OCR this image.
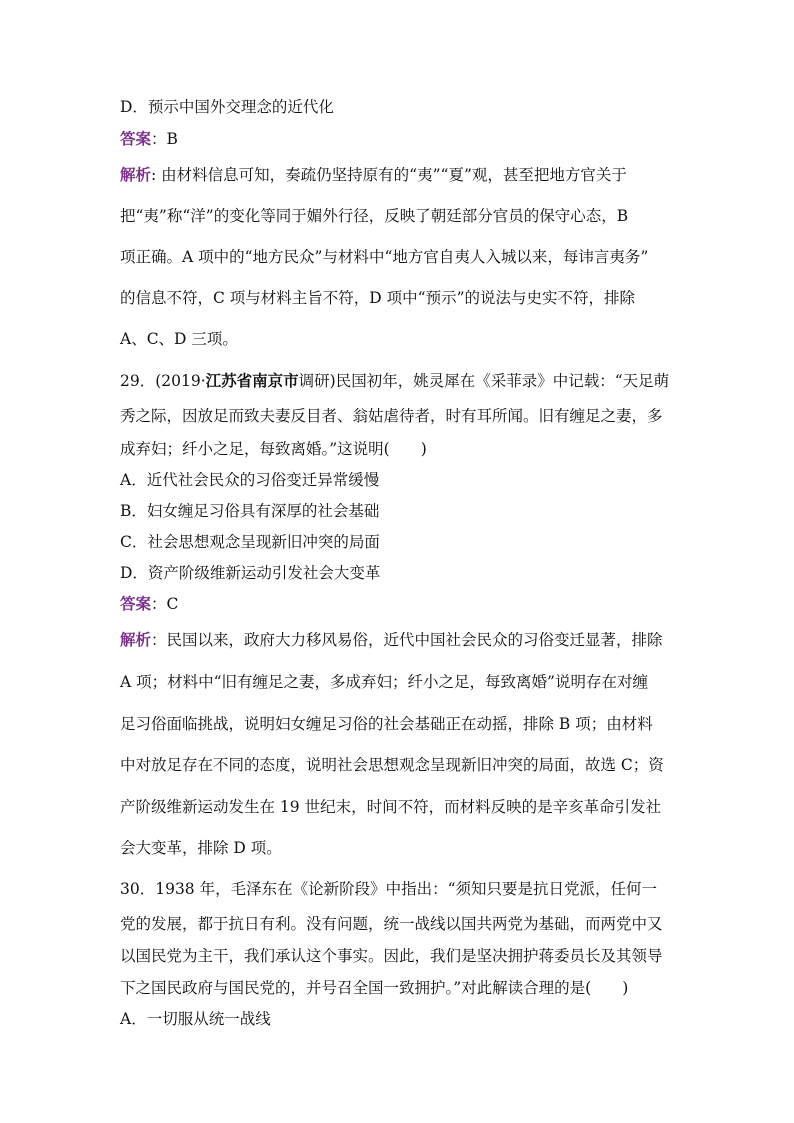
D．预示中国外交理念的近代化
答案：B
解析: 由材料信息可知，奏疏仍坚持原有的“夷”“夏”观，甚至把地方官关于
把“夷”称“洋”的变化等同于媚外行径，反映了朝廷部分官员的保守心态，B
项正确。A 项中的“地方民众”与材料中“地方官自夷人入城以来，每讳言夷务”
的信息不符，C 项与材料主旨不符，D 项中“预示”的说法与史实不符，排除
A、C、D 三项。
29．(2019·江苏省南京市调研)民国初年，姚灵犀在《采菲录》中记载：“天足萌
秀之际，因放足而致夫妻反目者、翁姑虐待者，时有耳所闻。旧有缠足之妻，多
成弃妇；纤小之足，每致离婚。”这说明(　　)
A．近代社会民众的习俗变迁异常缓慢
B．妇女缠足习俗具有深厚的社会基础
C．社会思想观念呈现新旧冲突的局面
D．资产阶级维新运动引发社会大变革
答案：C
解析：民国以来，政府大力移风易俗，近代中国社会民众的习俗变迁显著，排除
A 项；材料中“旧有缠足之妻，多成弃妇；纤小之足，每致离婚”说明存在对缠
足习俗面临挑战，说明妇女缠足习俗的社会基础正在动摇，排除 B 项；由材料
中对放足存在不同的态度，说明社会思想观念呈现新旧冲突的局面，故选 C；资
产阶级维新运动发生在 19 世纪末，时间不符，而材料反映的是辛亥革命引发社
会大变革，排除 D 项。
30．1938 年，毛泽东在《论新阶段》中指出：“须知只要是抗日党派，任何一
党的发展，都于抗日有利。没有问题，统一战线以国共两党为基础，而两党中又
以国民党为主干，我们承认这个事实。因此，我们是坚决拥护蒋委员长及其领导
下之国民政府与国民党的，并号召全国一致拥护。”对此解读合理的是(　　)
A．一切服从统一战线
